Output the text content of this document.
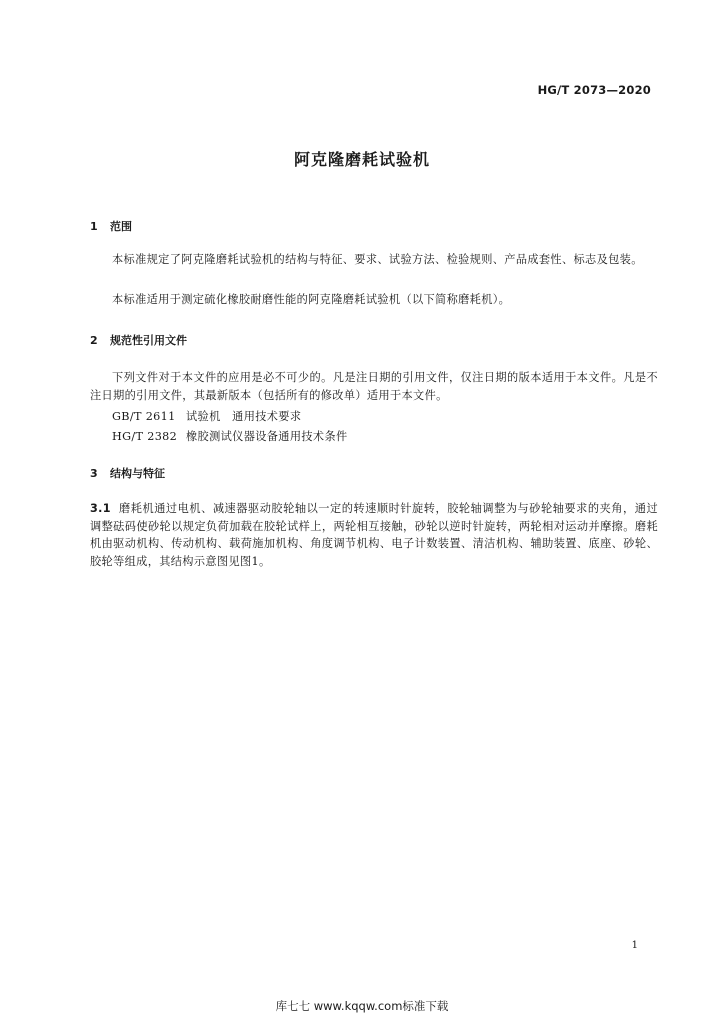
HG/T 2073—2020
阿克隆磨耗试验机
1 范围
本标准规定了阿克隆磨耗试验机的结构与特征、要求、试验方法、检验规则、产品成套性、标志及包装。
本标准适用于测定硫化橡胶耐磨性能的阿克隆磨耗试验机（以下简称磨耗机）。
2 规范性引用文件
下列文件对于本文件的应用是必不可少的。凡是注日期的引用文件，仅注日期的版本适用于本文件。凡是不注日期的引用文件，其最新版本（包括所有的修改单）适用于本文件。
GB/T 2611 试验机　通用技术要求
HG/T 2382 橡胶测试仪器设备通用技术条件
3 结构与特征
3.1 磨耗机通过电机、减速器驱动胶轮轴以一定的转速顺时针旋转，胶轮轴调整为与砂轮轴要求的夹角，通过调整砝码使砂轮以规定负荷加载在胶轮试样上，两轮相互接触，砂轮以逆时针旋转，两轮相对运动并摩擦。磨耗机由驱动机构、传动机构、载荷施加机构、角度调节机构、电子计数装置、清洁机构、辅助装置、底座、砂轮、胶轮等组成，其结构示意图见图1。
1
库七七 www.kqqw.com标准下载
